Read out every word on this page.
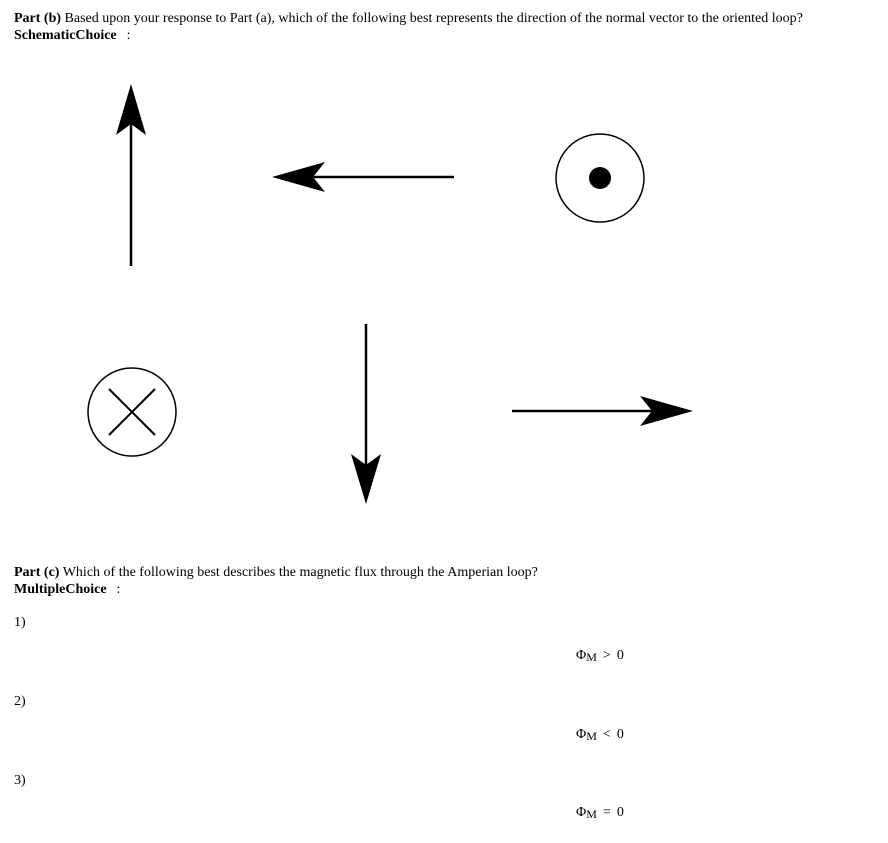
Part (b) Based upon your response to Part (a), which of the following best represents the direction of the normal vector to the oriented loop?
SchematicChoice :
Part (c) Which of the following best describes the magnetic flux through the Amperian loop?
MultipleChoice :
1)
ΦM > 0
2)
ΦM < 0
3)
ΦM = 0
